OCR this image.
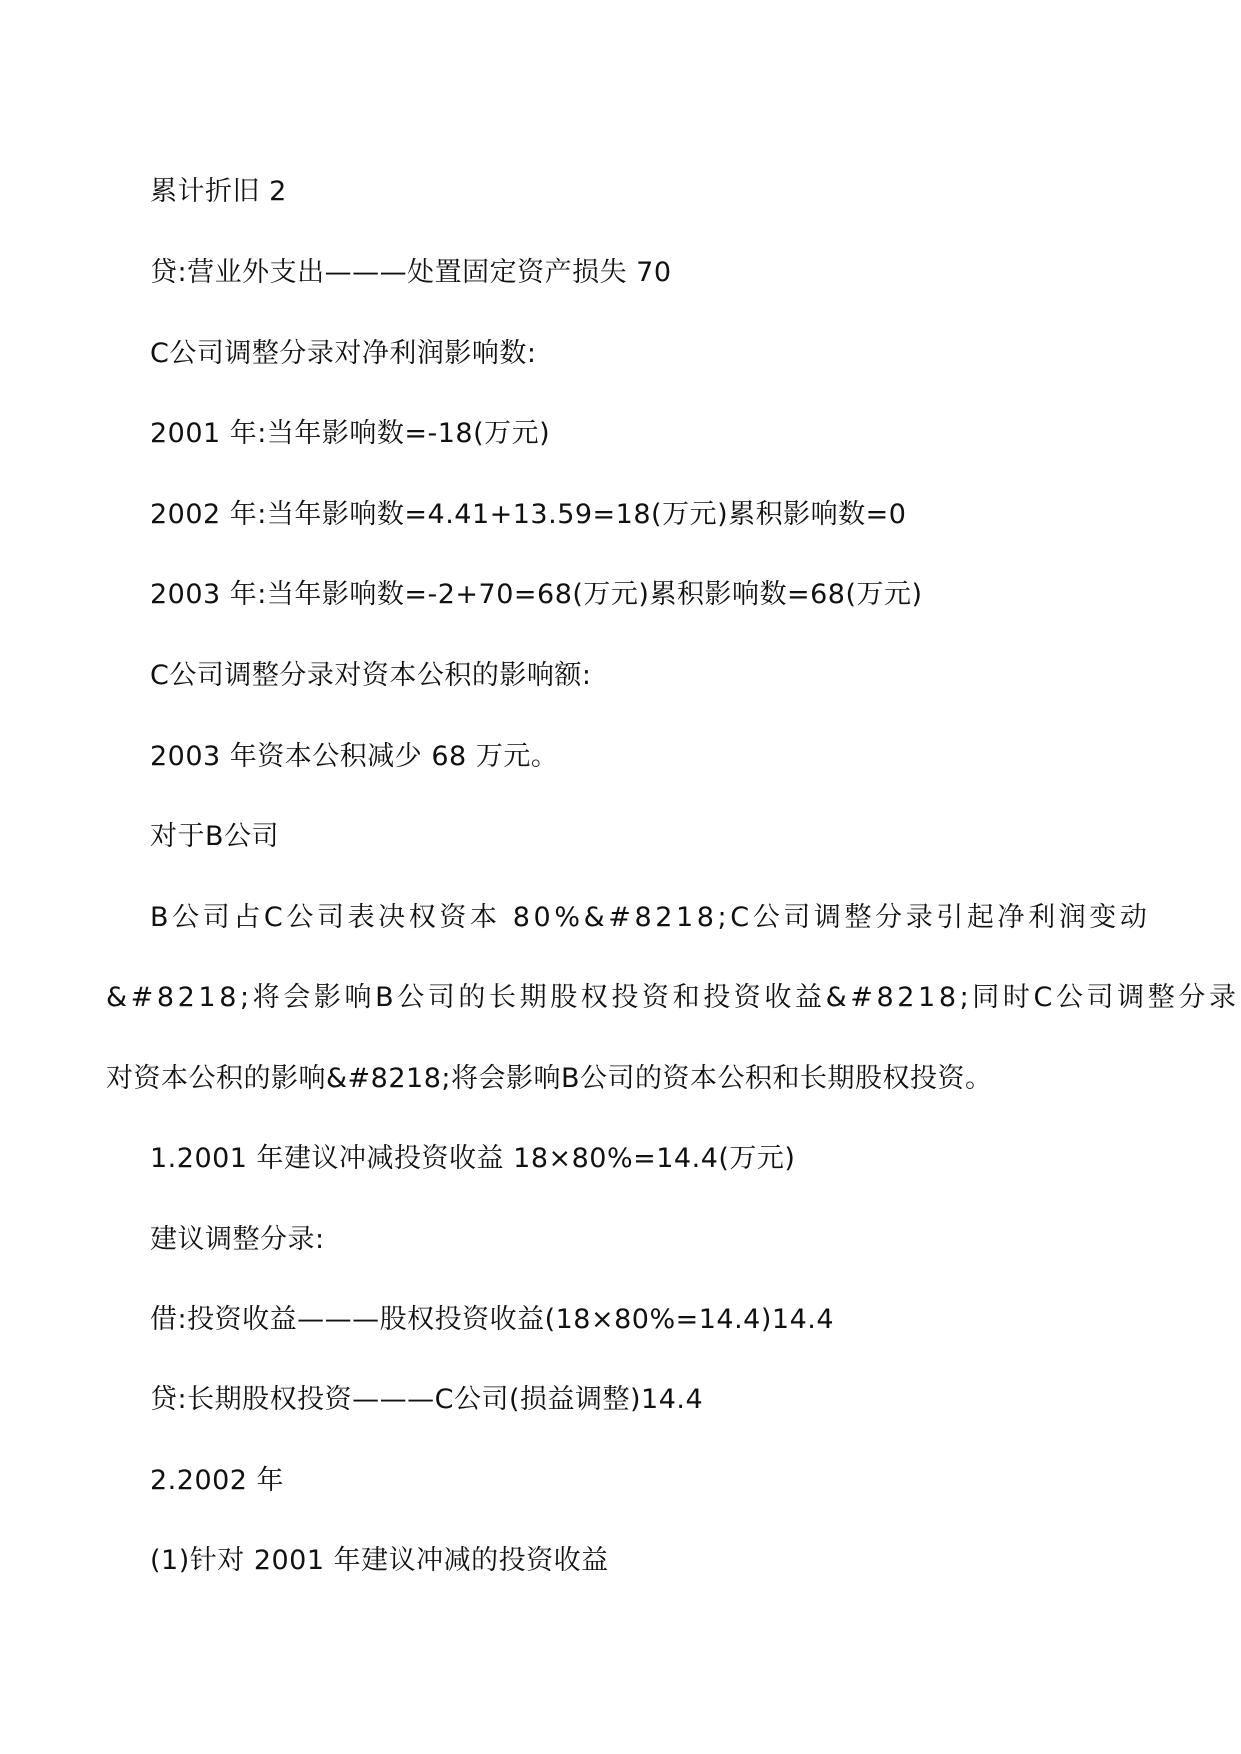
累计折旧 2
贷:营业外支出———处置固定资产损失 70
C公司调整分录对净利润影响数:
2001 年:当年影响数=-18(万元)
2002 年:当年影响数=4.41+13.59=18(万元)累积影响数=0
2003 年:当年影响数=-2+70=68(万元)累积影响数=68(万元)
C公司调整分录对资本公积的影响额:
2003 年资本公积减少 68 万元。
对于B公司
B公司占C公司表决权资本 80%&#8218;C公司调整分录引起净利润变动
&#8218;将会影响B公司的长期股权投资和投资收益&#8218;同时C公司调整分录
对资本公积的影响&#8218;将会影响B公司的资本公积和长期股权投资。
1.2001 年建议冲减投资收益 18×80%=14.4(万元)
建议调整分录:
借:投资收益———股权投资收益(18×80%=14.4)14.4
贷:长期股权投资———C公司(损益调整)14.4
2.2002 年
(1)针对 2001 年建议冲减的投资收益
